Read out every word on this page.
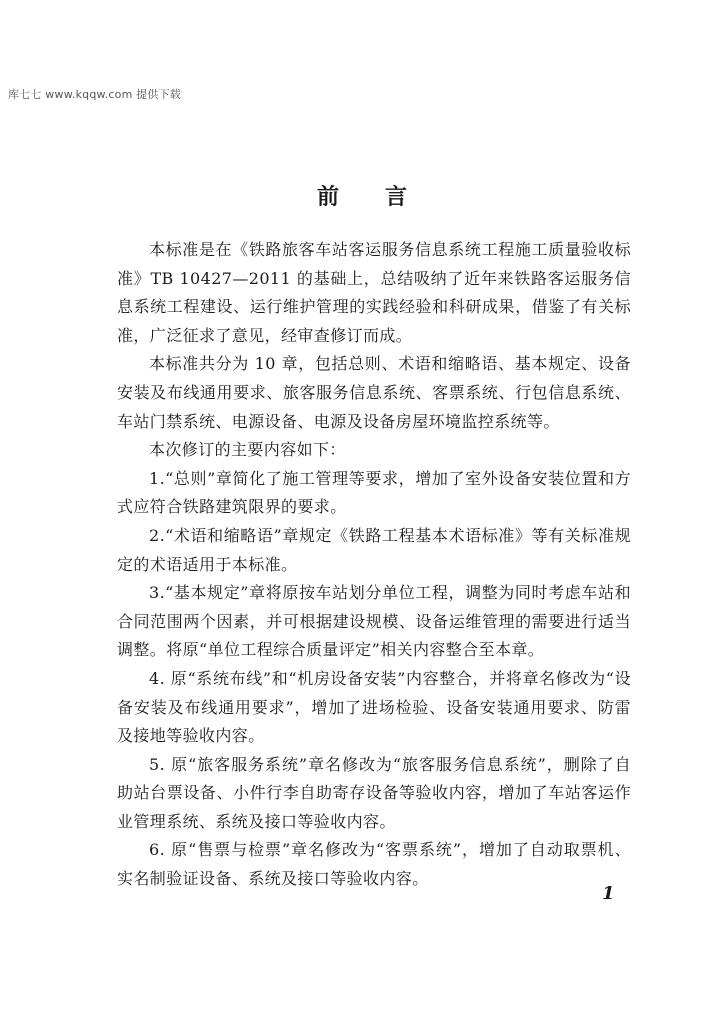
库七七 www.kqqw.com 提供下载
前言

本标准是在《铁路旅客车站客运服务信息系统工程施工质量验收标准》TB 10427—2011 的基础上，总结吸纳了近年来铁路客运服务信息系统工程建设、运行维护管理的实践经验和科研成果，借鉴了有关标准，广泛征求了意见，经审查修订而成。

本标准共分为 10 章，包括总则、术语和缩略语、基本规定、设备安装及布线通用要求、旅客服务信息系统、客票系统、行包信息系统、车站门禁系统、电源设备、电源及设备房屋环境监控系统等。

本次修订的主要内容如下：

1.“总则”章简化了施工管理等要求，增加了室外设备安装位置和方式应符合铁路建筑限界的要求。

2.“术语和缩略语”章规定《铁路工程基本术语标准》等有关标准规定的术语适用于本标准。

3.“基本规定”章将原按车站划分单位工程，调整为同时考虑车站和合同范围两个因素，并可根据建设规模、设备运维管理的需要进行适当调整。将原“单位工程综合质量评定”相关内容整合至本章。

4. 原“系统布线”和“机房设备安装”内容整合，并将章名修改为“设备安装及布线通用要求”，增加了进场检验、设备安装通用要求、防雷及接地等验收内容。

5. 原“旅客服务系统”章名修改为“旅客服务信息系统”，删除了自助站台票设备、小件行李自助寄存设备等验收内容，增加了车站客运作业管理系统、系统及接口等验收内容。

6. 原“售票与检票”章名修改为“客票系统”，增加了自动取票机、实名制验证设备、系统及接口等验收内容。

1
